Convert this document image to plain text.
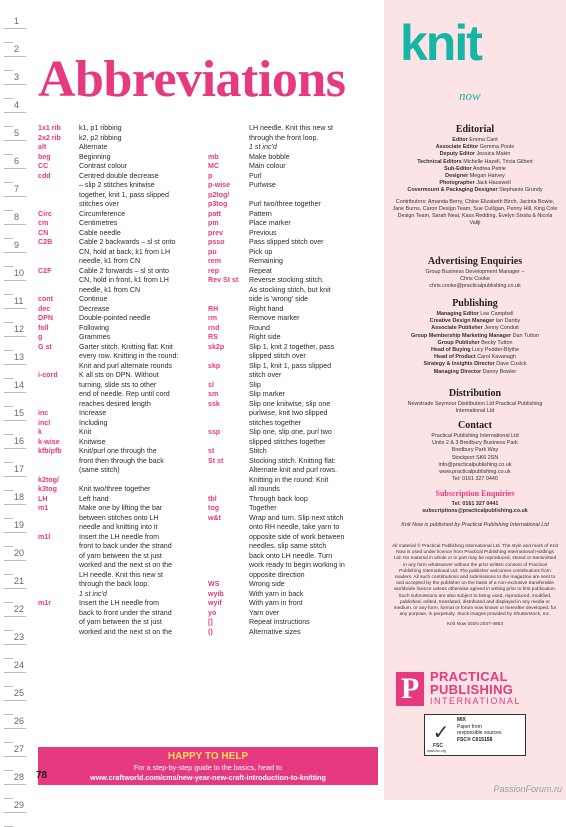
1
2
3
4
5
6
7
8
9
10
11
12
13
14
15
16
17
18
19
20
21
22
23
24
25
26
27
28
29
Abbreviations
1x1 rib	k1, p1 ribbing
2x2 rib	k2, p2 ribbing
alt	Alternate
beg	Beginning
CC	Contrast colour
cdd	Centred double decrease
– slip 2 stitches knitwise
together, knit 1, pass slipped
stitches over
Circ	Circumference
cm	Centimetres
CN	Cable needle
C2B	Cable 2 backwards – sl st onto
CN, hold at back, k1 from LH
needle, k1 from CN
C2F	Cable 2 forwards – sl st onto
CN, hold in front, k1 from LH
needle, k1 from CN
cont	Continue
dec	Decrease
DPN	Double-pointed needle
foll	Following
g	Grammes
G st	Garter stitch. Knitting flat: Knit
every row. Knitting in the round:
Knit and purl alternate rounds
i-cord	K all sts on DPN. Without
turning, slide sts to other
end of needle. Rep until cord
reaches desired length
inc	Increase
incl	Including
k	Knit
k-wise	Knitwise
kfb/pfb	Knit/purl one through the
front then through the back
(same stitch)
k2tog/
k3tog	Knit two/three together
LH	Left hand
m1	Make one by lifting the bar
between stitches onto LH
needle and knitting into it
m1l	Insert the LH needle from
front to back under the strand
of yarn between the st just
worked and the next st on the
LH needle. Knit this new st
through the back loop.
1 st inc'd
m1r	Insert the LH needle from
back to front under the strand
of yarn between the st just
worked and the next st on the
LH needle. Knit this new st
through the front loop.
1 st inc'd
mb	Make bobble
MC	Main colour
p	Purl
p-wise	Purlwise
p2tog/
p3tog	Purl two/three together
patt	Pattern
pm	Place marker
prev	Previous
psso	Pass slipped stitch over
pu	Pick up
rem	Remaining
rep	Repeat
Rev St st	Reverse stocking stitch.
As stocking stitch, but knit
side is 'wrong' side
RH	Right hand
rm	Remove marker
rnd	Round
RS	Right side
sk2p	Slip 1, knit 2 together, pass
slipped stitch over
skp	Slip 1, knit 1, pass slipped
stitch over
sl	Slip
sm	Slip marker
ssk	Slip one knitwise, slip one
purlwise, knit two slipped
stitches together
ssp	Slip one, slip one, purl two
slipped stitches together
st	Stitch
St st	Stocking stitch. Knitting flat:
Alternate knit and purl rows.
Knitting in the round: Knit
all rounds
tbl	Through back loop
tog	Together
w&t	Wrap and turn. Slip next stitch
onto RH needle, take yarn to
opposite side of work between
needles, slip same stitch
back onto LH needle. Turn
work ready to begin working in
opposite direction
WS	Wrong side
wyib	With yarn in back
wyif	With yarn in front
yo	Yarn over
[]	Repeat instructions
()	Alternative sizes
HAPPY TO HELP
For a step-by-step guide to the basics, head to
www.craftworld.com/cms/new-year-new-craft-introduction-to-knitting
78
knit
now
Editorial
Editor Emma Cant
Associate Editor Gemma Poole
Deputy Editor Jessica Makin
Technical Editors Michelle Hazell, Tricia Gilbert
Sub-Editor Andrea Petrie
Designer Megan Harvey
Photographer Jack Hauxwell
Covermount & Packaging Designer Stephanie Grundy
Contributors: Amanda Berry, Chloe Elizabeth Birch, Jacinta Bowie, Jane Burns, Caron Design Team, Sue Culligan, Penny Hill, King Cole Design Team, Sarah Neal, Kass Redding, Evelyn Sixsta & Nicola Valiji
Advertising Enquiries
Group Business Development Manager –
Chris Cooke
chris.cooke@practicalpublishing.co.uk
Publishing
Managing Editor Lee Campbell
Creative Design Manager Ian Danby
Associate Publisher Jenny Conduit
Group Membership Marketing Manager Dan Tutton
Group Publisher Becky Tutton
Head of Buying Lucy Pedder-Blythe
Head of Product Carol Kavanagh
Strategy & Insights Director Dave Cusick
Managing Director Danny Bowler
Distribution
Newstrade Seymour Distribution Ltd Practical Publishing International Ltd
Contact
Practical Publishing International Ltd
Units 2 & 3 Bredbury Business Park
Bredbury Park Way
Stockport SK6 2SN
info@practicalpublishing.co.uk
www.practicalpublishing.co.uk
Tel: 0161 327 0440
Subscription Enquiries
Tel: 0161 327 0441
subscriptions@practicalpublishing.co.uk
Knit Now is published by Practical Publishing International Ltd
All material © Practical Publishing International Ltd. The style and mark of Knit Now is used under licence from Practical Publishing International Holdings Ltd. No material in whole or in part may be reproduced, stored or transmitted in any form whatsoever without the prior written consent of Practical Publishing International Ltd. The publisher welcomes contributions from readers. All such contributions and submissions to the magazine are sent to and accepted by the publisher on the basis of a non-exclusive transferable worldwide licence unless otherwise agreed in writing prior to first publication. Such submissions are also subject to being used, reproduced, modified, published, edited, translated, distributed and displayed in any media or medium, or any form, format or forum now known or hereafter developed, for any purpose, in perpetuity. Stock images provided by Shutterstock, Inc.
Knit Now ISSN 2047-4903
P PRACTICAL
PUBLISHING
INTERNATIONAL
✓
FSC
www.fsc.org
MIX
Paper from
responsible sources
FSC® C015158
PassionForum.ru
